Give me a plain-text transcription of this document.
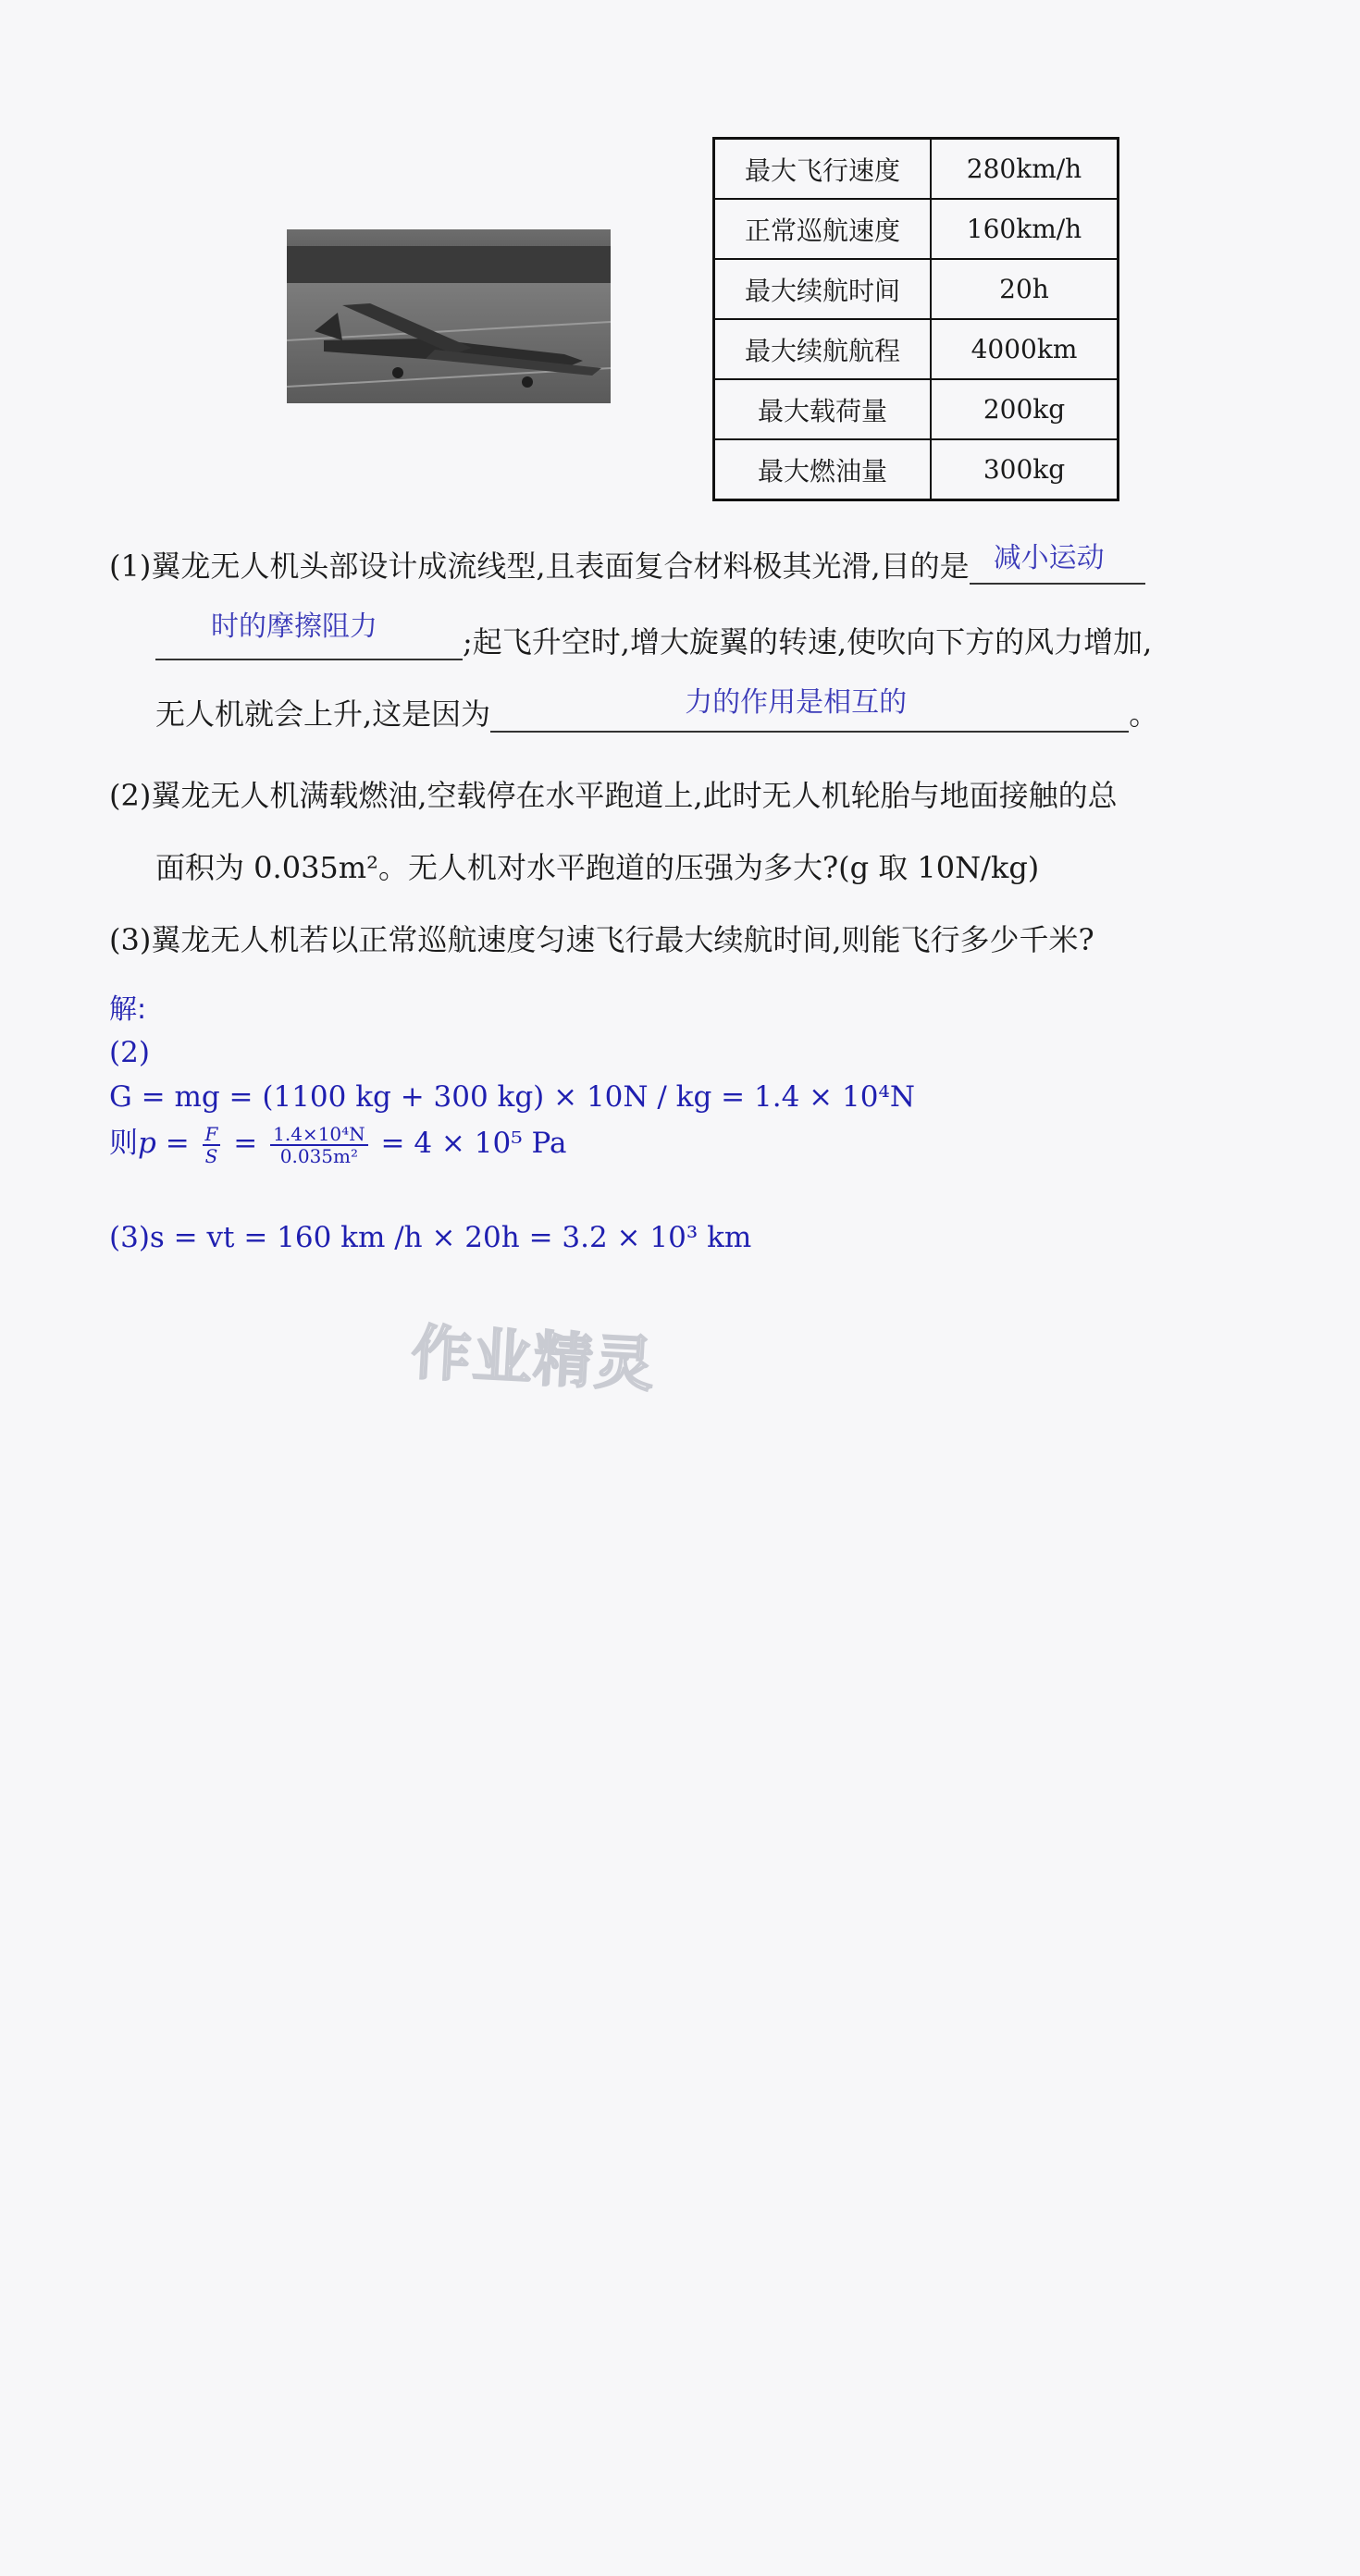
最大飞行速度	280km/h
正常巡航速度	160km/h
最大续航时间	20h
最大续航航程	4000km
最大载荷量	200kg
最大燃油量	300kg
(1)翼龙无人机头部设计成流线型,且表面复合材料极其光滑,目的是 减小运动
时的摩擦阻力	;起飞升空时,增大旋翼的转速,使吹向下方的风力增加,
无人机就会上升,这是因为	力的作用是相互的	。
(2)翼龙无人机满载燃油,空载停在水平跑道上,此时无人机轮胎与地面接触的总
面积为 0.035m²。无人机对水平跑道的压强为多大?(g 取 10N/kg)
(3)翼龙无人机若以正常巡航速度匀速飞行最大续航时间,则能飞行多少千米?
解:
(2)
G = mg = (1100 kg + 300 kg) × 10N / kg = 1.4 × 10⁴N
则$p = \frac{F}{S} = \frac{\text{1.4×10⁴N}}{\text{0.035m²}} = 4 \times 10^5$ Pa
(3)s = vt = 160 km /h × 20h = 3.2 × 10³ km
作业精灵
